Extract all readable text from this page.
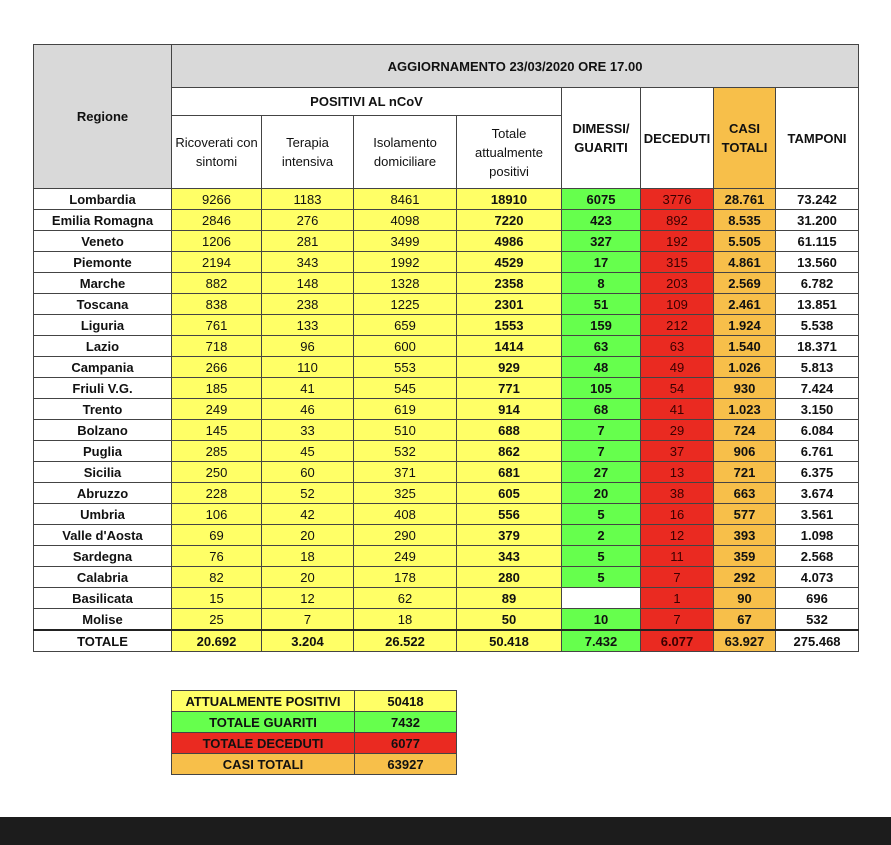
Regione	AGGIORNAMENTO 23/03/2020 ORE 17.00							
	POSITIVI AL nCoV				DIMESSI/ GUARITI	DECEDUTI	CASI TOTALI	TAMPONI
	Ricoverati con sintomi	Terapia intensiva	Isolamento domiciliare	Totale attualmente positivi				
Lombardia	9266	1183	8461	18910	6075	3776	28.761	73.242
Emilia Romagna	2846	276	4098	7220	423	892	8.535	31.200
Veneto	1206	281	3499	4986	327	192	5.505	61.115
Piemonte	2194	343	1992	4529	17	315	4.861	13.560
Marche	882	148	1328	2358	8	203	2.569	6.782
Toscana	838	238	1225	2301	51	109	2.461	13.851
Liguria	761	133	659	1553	159	212	1.924	5.538
Lazio	718	96	600	1414	63	63	1.540	18.371
Campania	266	110	553	929	48	49	1.026	5.813
Friuli V.G.	185	41	545	771	105	54	930	7.424
Trento	249	46	619	914	68	41	1.023	3.150
Bolzano	145	33	510	688	7	29	724	6.084
Puglia	285	45	532	862	7	37	906	6.761
Sicilia	250	60	371	681	27	13	721	6.375
Abruzzo	228	52	325	605	20	38	663	3.674
Umbria	106	42	408	556	5	16	577	3.561
Valle d'Aosta	69	20	290	379	2	12	393	1.098
Sardegna	76	18	249	343	5	11	359	2.568
Calabria	82	20	178	280	5	7	292	4.073
Basilicata	15	12	62	89		1	90	696
Molise	25	7	18	50	10	7	67	532
TOTALE	20.692	3.204	26.522	50.418	7.432	6.077	63.927	275.468
ATTUALMENTE POSITIVI	50418
TOTALE GUARITI	7432
TOTALE DECEDUTI	6077
CASI TOTALI	63927
